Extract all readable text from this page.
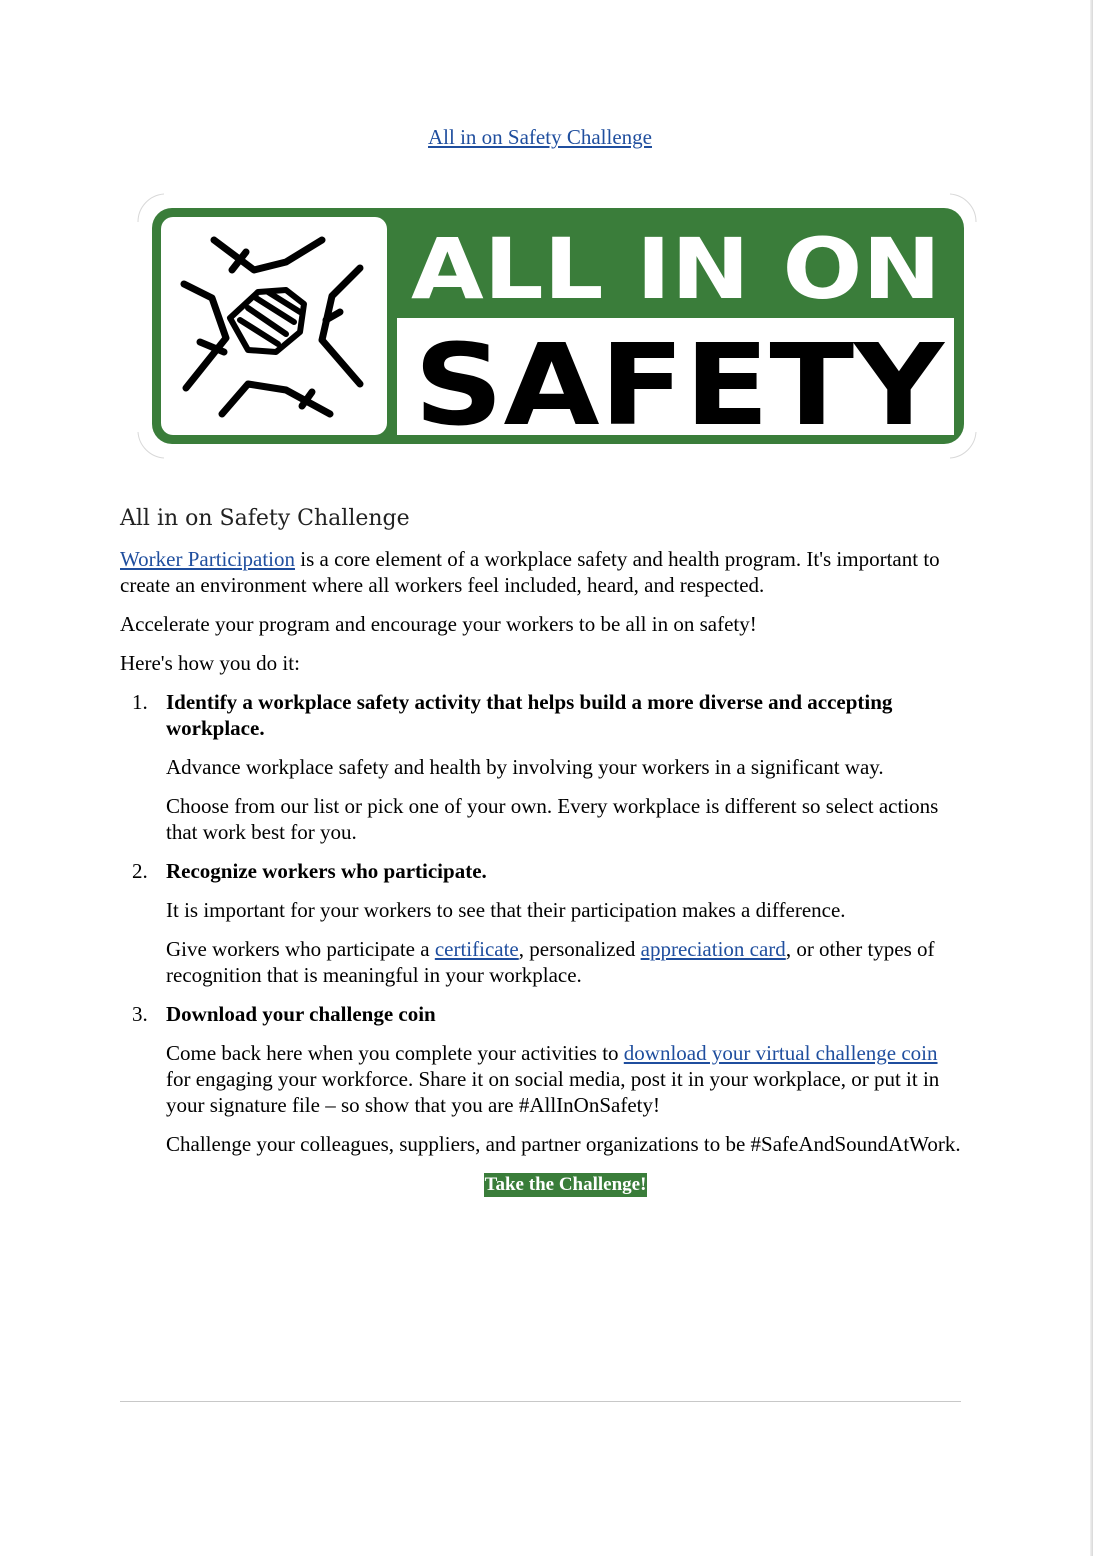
All in on Safety Challenge
ALL IN ON
SAFETY
All in on Safety Challenge

Worker Participation is a core element of a workplace safety and health program. It's important to create an environment where all workers feel included, heard, and respected.

Accelerate your program and encourage your workers to be all in on safety!

Here's how you do it:

1. Identify a workplace safety activity that helps build a more diverse and accepting workplace.

Advance workplace safety and health by involving your workers in a significant way.

Choose from our list or pick one of your own. Every workplace is different so select actions that work best for you.

2. Recognize workers who participate.

It is important for your workers to see that their participation makes a difference.

Give workers who participate a certificate, personalized appreciation card, or other types of recognition that is meaningful in your workplace.

3. Download your challenge coin

Come back here when you complete your activities to download your virtual challenge coin for engaging your workforce. Share it on social media, post it in your workplace, or put it in your signature file – so show that you are #AllInOnSafety!

Challenge your colleagues, suppliers, and partner organizations to be #SafeAndSoundAtWork.

Take the Challenge!
